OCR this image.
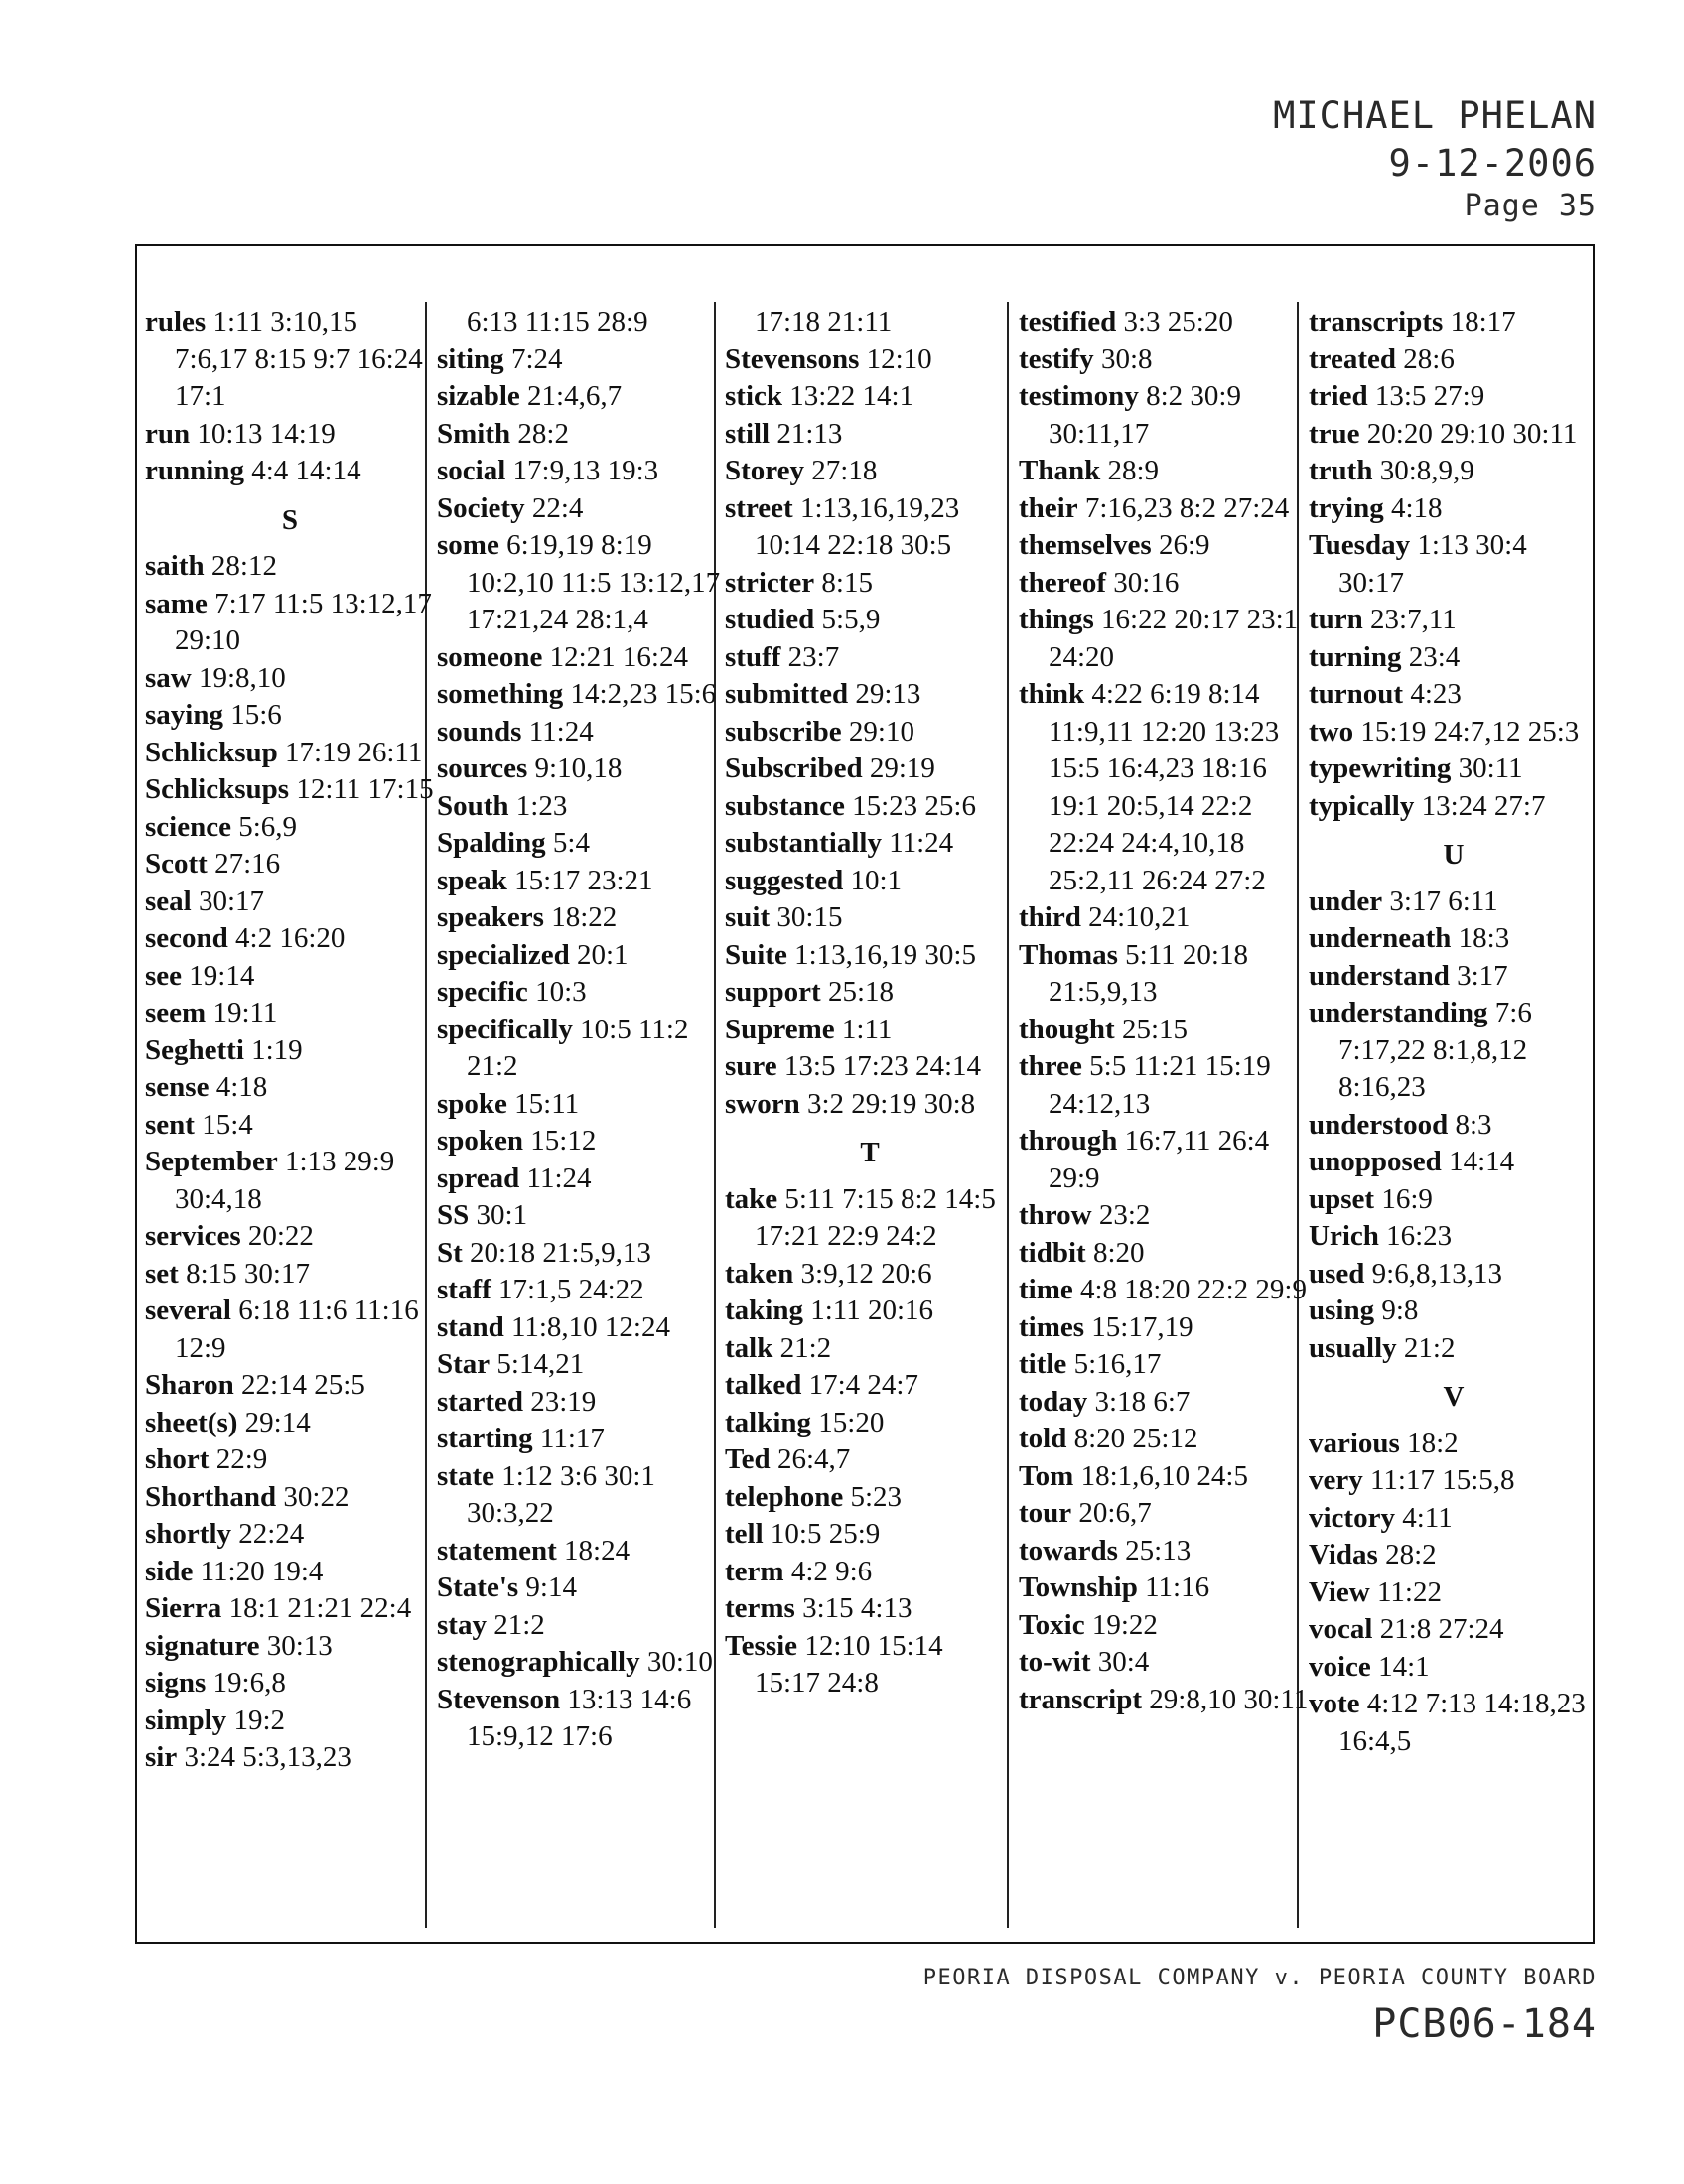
MICHAEL PHELAN
9-12-2006
Page 35
rules 1:11 3:10,15 7:6,17 8:15 9:7 16:24 17:1
run 10:13 14:19
running 4:4 14:14
S
saith 28:12
same 7:17 11:5 13:12,17 29:10
saw 19:8,10
saying 15:6
Schlicksup 17:19 26:11
Schlicksups 12:11 17:15
science 5:6,9
Scott 27:16
seal 30:17
second 4:2 16:20
see 19:14
seem 19:11
Seghetti 1:19
sense 4:18
sent 15:4
September 1:13 29:9 30:4,18
services 20:22
set 8:15 30:17
several 6:18 11:6 11:16 12:9
Sharon 22:14 25:5
sheet(s) 29:14
short 22:9
Shorthand 30:22
shortly 22:24
side 11:20 19:4
Sierra 18:1 21:21 22:4
signature 30:13
signs 19:6,8
simply 19:2
sir 3:24 5:3,13,23
6:13 11:15 28:9
siting 7:24
sizable 21:4,6,7
Smith 28:2
social 17:9,13 19:3
Society 22:4
some 6:19,19 8:19 10:2,10 11:5 13:12,17 17:21,24 28:1,4
someone 12:21 16:24
something 14:2,23 15:6
sounds 11:24
sources 9:10,18
South 1:23
Spalding 5:4
speak 15:17 23:21
speakers 18:22
specialized 20:1
specific 10:3
specifically 10:5 11:2 21:2
spoke 15:11
spoken 15:12
spread 11:24
SS 30:1
St 20:18 21:5,9,13
staff 17:1,5 24:22
stand 11:8,10 12:24
Star 5:14,21
started 23:19
starting 11:17
state 1:12 3:6 30:1 30:3,22
statement 18:24
State's 9:14
stay 21:2
stenographically 30:10
Stevenson 13:13 14:6 15:9,12 17:6
17:18 21:11
Stevensons 12:10
stick 13:22 14:1
still 21:13
Storey 27:18
street 1:13,16,19,23 10:14 22:18 30:5
stricter 8:15
studied 5:5,9
stuff 23:7
submitted 29:13
subscribe 29:10
Subscribed 29:19
substance 15:23 25:6
substantially 11:24
suggested 10:1
suit 30:15
Suite 1:13,16,19 30:5
support 25:18
Supreme 1:11
sure 13:5 17:23 24:14
sworn 3:2 29:19 30:8
T
take 5:11 7:15 8:2 14:5 17:21 22:9 24:2
taken 3:9,12 20:6
taking 1:11 20:16
talk 21:2
talked 17:4 24:7
talking 15:20
Ted 26:4,7
telephone 5:23
tell 10:5 25:9
term 4:2 9:6
terms 3:15 4:13
Tessie 12:10 15:14 15:17 24:8
testified 3:3 25:20
testify 30:8
testimony 8:2 30:9 30:11,17
Thank 28:9
their 7:16,23 8:2 27:24
themselves 26:9
thereof 30:16
things 16:22 20:17 23:1 24:20
think 4:22 6:19 8:14 11:9,11 12:20 13:23 15:5 16:4,23 18:16 19:1 20:5,14 22:2 22:24 24:4,10,18 25:2,11 26:24 27:2
third 24:10,21
Thomas 5:11 20:18 21:5,9,13
thought 25:15
three 5:5 11:21 15:19 24:12,13
through 16:7,11 26:4 29:9
throw 23:2
tidbit 8:20
time 4:8 18:20 22:2 29:9
times 15:17,19
title 5:16,17
today 3:18 6:7
told 8:20 25:12
Tom 18:1,6,10 24:5
tour 20:6,7
towards 25:13
Township 11:16
Toxic 19:22
to-wit 30:4
transcript 29:8,10 30:11
transcripts 18:17
treated 28:6
tried 13:5 27:9
true 20:20 29:10 30:11
truth 30:8,9,9
trying 4:18
Tuesday 1:13 30:4 30:17
turn 23:7,11
turning 23:4
turnout 4:23
two 15:19 24:7,12 25:3
typewriting 30:11
typically 13:24 27:7
U
under 3:17 6:11
underneath 18:3
understand 3:17
understanding 7:6 7:17,22 8:1,8,12 8:16,23
understood 8:3
unopposed 14:14
upset 16:9
Urich 16:23
used 9:6,8,13,13
using 9:8
usually 21:2
V
various 18:2
very 11:17 15:5,8
victory 4:11
Vidas 28:2
View 11:22
vocal 21:8 27:24
voice 14:1
vote 4:12 7:13 14:18,23 16:4,5
PEORIA DISPOSAL COMPANY v. PEORIA COUNTY BOARD
PCB06-184
